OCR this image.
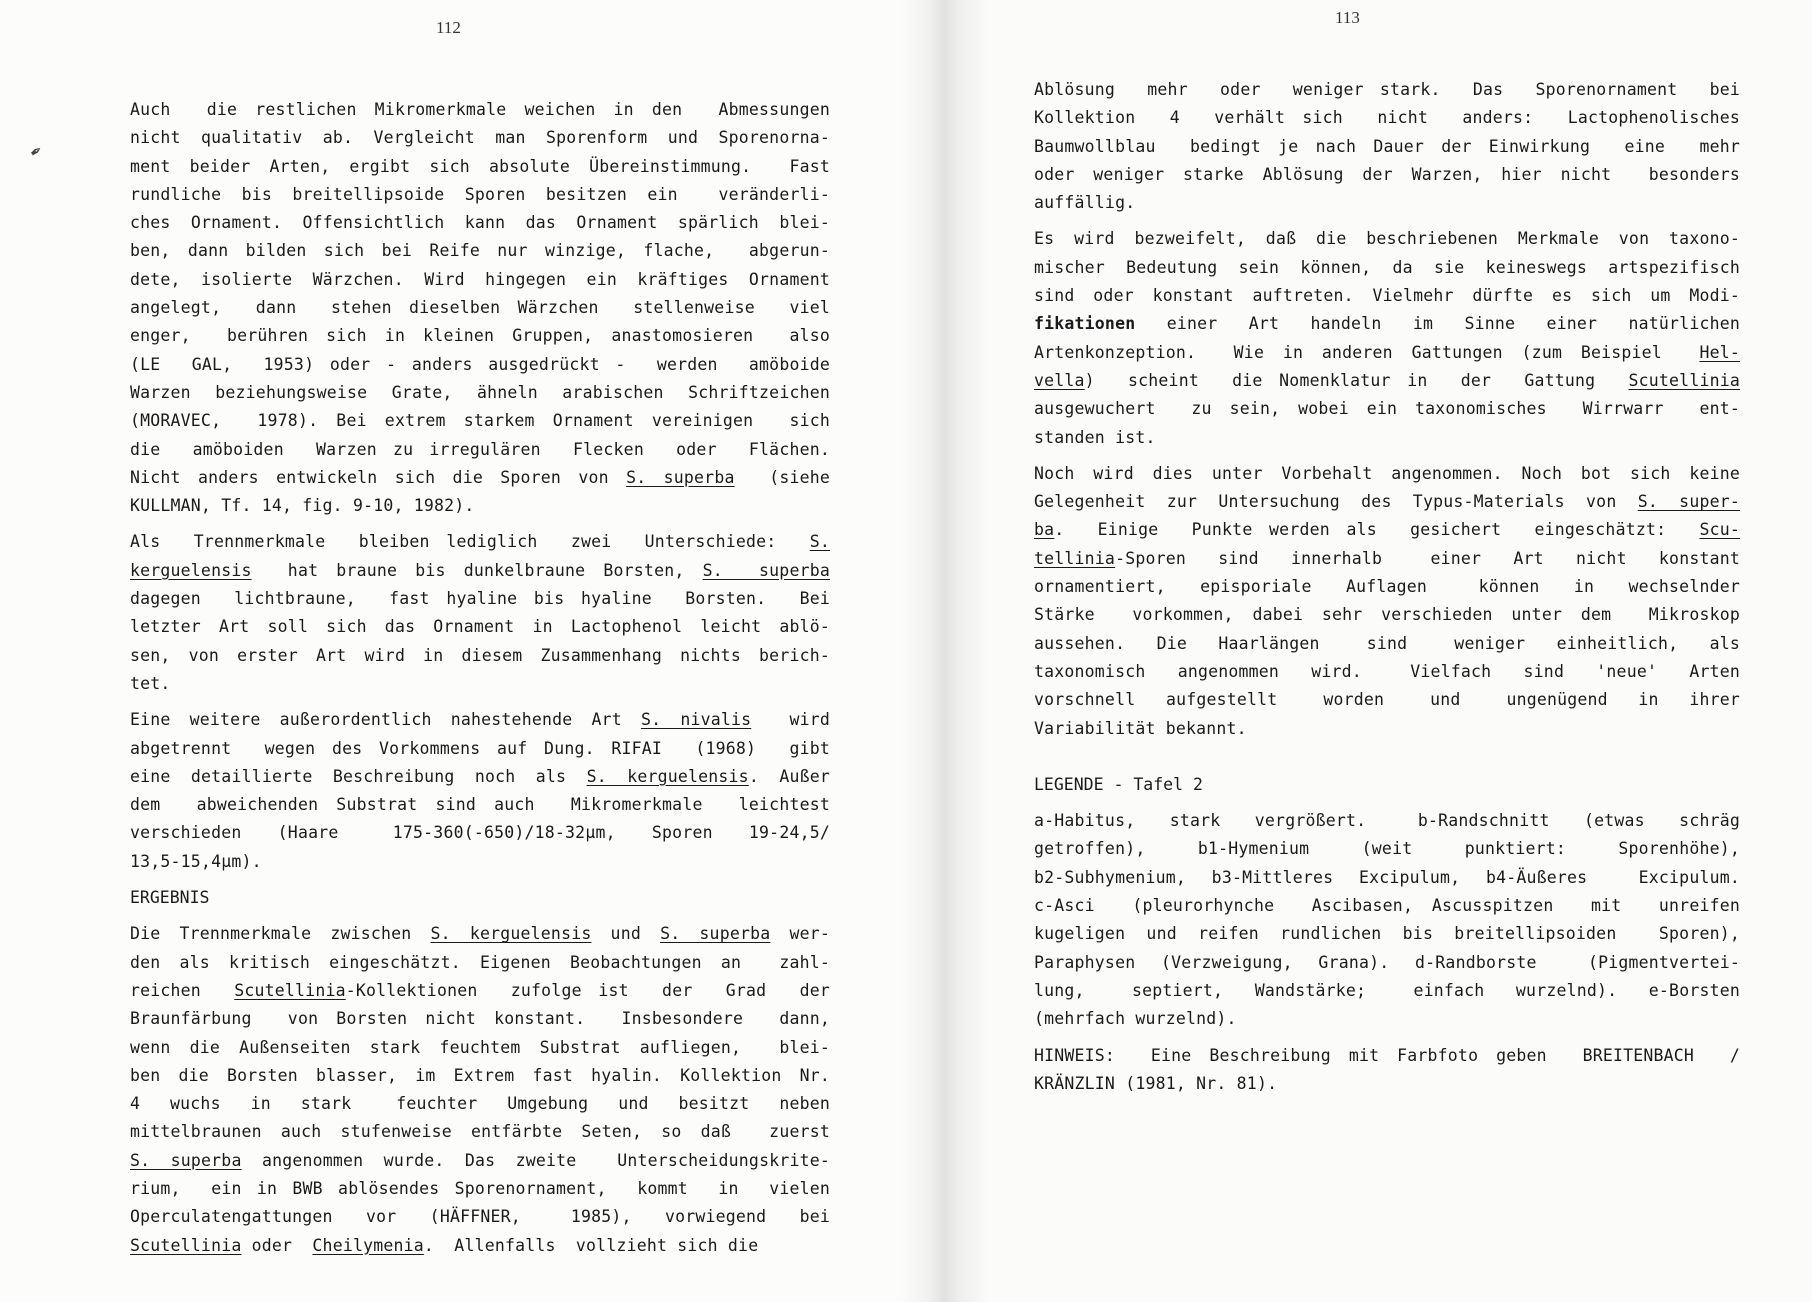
112
Auch  die restlichen Mikromerkmale weichen in den  Abmessungen
nicht qualitativ ab. Vergleicht man Sporenform und Sporenorna-
ment beider Arten, ergibt sich absolute Übereinstimmung.  Fast
rundliche bis breitellipsoide Sporen besitzen ein  veränderli-
ches Ornament. Offensichtlich kann das Ornament spärlich blei-
ben, dann bilden sich bei Reife nur winzige, flache,  abgerun-
dete, isolierte Wärzchen. Wird hingegen ein kräftiges Ornament
angelegt,  dann  stehen dieselben Wärzchen  stellenweise  viel
enger,  berühren sich in kleinen Gruppen, anastomosieren  also
(LE  GAL,  1953) oder - anders ausgedrückt -  werden  amöboide
Warzen beziehungsweise Grate, ähneln arabischen Schriftzeichen
(MORAVEC,  1978). Bei extrem starkem Ornament vereinigen  sich
die  amöboiden  Warzen zu irregulären  Flecken  oder  Flächen.
Nicht anders entwickeln sich die Sporen von S. superba  (siehe
KULLMAN, Tf. 14, fig. 9-10, 1982).
Als  Trennmerkmale  bleiben lediglich  zwei  Unterschiede:  S.
kerguelensis  hat braune bis dunkelbraune Borsten, S.  superba
dagegen  lichtbraune,  fast hyaline bis hyaline  Borsten.  Bei
letzter Art soll sich das Ornament in Lactophenol leicht ablö-
sen, von erster Art wird in diesem Zusammenhang nichts berich-
tet.
Eine weitere außerordentlich nahestehende Art S. nivalis  wird
abgetrennt  wegen des Vorkommens auf Dung. RIFAI  (1968)  gibt
eine detaillierte Beschreibung noch als S. kerguelensis. Außer
dem  abweichenden Substrat sind auch  Mikromerkmale  leichtest
verschieden  (Haare   175-360(-650)/18-32µm,  Sporen  19-24,5/
13,5-15,4µm).
ERGEBNIS
Die Trennmerkmale zwischen S. kerguelensis und S. superba wer-
den als kritisch eingeschätzt. Eigenen Beobachtungen an  zahl-
reichen  Scutellinia-Kollektionen  zufolge ist  der  Grad  der
Braunfärbung  von Borsten nicht konstant.  Insbesondere  dann,
wenn die Außenseiten stark feuchtem Substrat aufliegen,  blei-
ben die Borsten blasser, im Extrem fast hyalin. Kollektion Nr.
4  wuchs  in  stark   feuchter  Umgebung  und  besitzt  neben
mittelbraunen auch stufenweise entfärbte Seten, so daß  zuerst
S. superba angenommen wurde. Das zweite  Unterscheidungskrite-
rium,  ein in BWB ablösendes Sporenornament,  kommt  in  vielen
Operculatengattungen  vor  (HÄFFNER,   1985),  vorwiegend  bei
Scutellinia oder  Cheilymenia.  Allenfalls  vollzieht sich die
✒
113
Ablösung  mehr  oder  weniger stark.  Das  Sporenornament  bei
Kollektion  4  verhält sich  nicht  anders:  Lactophenolisches
Baumwollblau  bedingt je nach Dauer der Einwirkung  eine  mehr
oder weniger starke Ablösung der Warzen, hier nicht  besonders
auffällig.
Es wird bezweifelt, daß die beschriebenen Merkmale von taxono-
mischer Bedeutung sein können, da sie keineswegs artspezifisch
sind oder konstant auftreten. Vielmehr dürfte es sich um Modi-
fikationen  einer  Art  handeln  im  Sinne  einer  natürlichen
Artenkonzeption.  Wie in anderen Gattungen (zum Beispiel  Hel-
vella)  scheint  die Nomenklatur in  der  Gattung  Scutellinia
ausgewuchert  zu sein, wobei ein taxonomisches  Wirrwarr  ent-
standen ist.
Noch wird dies unter Vorbehalt angenommen. Noch bot sich keine
Gelegenheit zur Untersuchung des Typus-Materials von S. super-
ba.  Einige  Punkte werden als  gesichert  eingeschätzt:  Scu-
tellinia-Sporen  sind  innerhalb   einer  Art  nicht  konstant
ornamentiert,  episporiale  Auflagen   können  in  wechselnder
Stärke  vorkommen, dabei sehr verschieden unter dem  Mikroskop
aussehen.  Die  Haarlängen   sind   weniger  einheitlich,  als
taxonomisch  angenommen  wird.   Vielfach  sind  'neue'  Arten
vorschnell  aufgestellt   worden   und   ungenügend  in  ihrer
Variabilität bekannt.
LEGENDE - Tafel 2
a-Habitus,  stark  vergrößert.   b-Randschnitt  (etwas  schräg
getroffen),   b1-Hymenium   (weit   punktiert:   Sporenhöhe),
b2-Subhymenium, b3-Mittleres Excipulum, b4-Äußeres  Excipulum.
c-Asci  (pleurorhynche  Ascibasen, Ascusspitzen  mit  unreifen
kugeligen und reifen rundlichen bis breitellipsoiden  Sporen),
Paraphysen (Verzweigung, Grana). d-Randborste  (Pigmentvertei-
lung,   septiert,  Wandstärke;   einfach  wurzelnd).  e-Borsten
(mehrfach wurzelnd).
HINWEIS:  Eine Beschreibung mit Farbfoto geben  BREITENBACH  /
KRÄNZLIN (1981, Nr. 81).
